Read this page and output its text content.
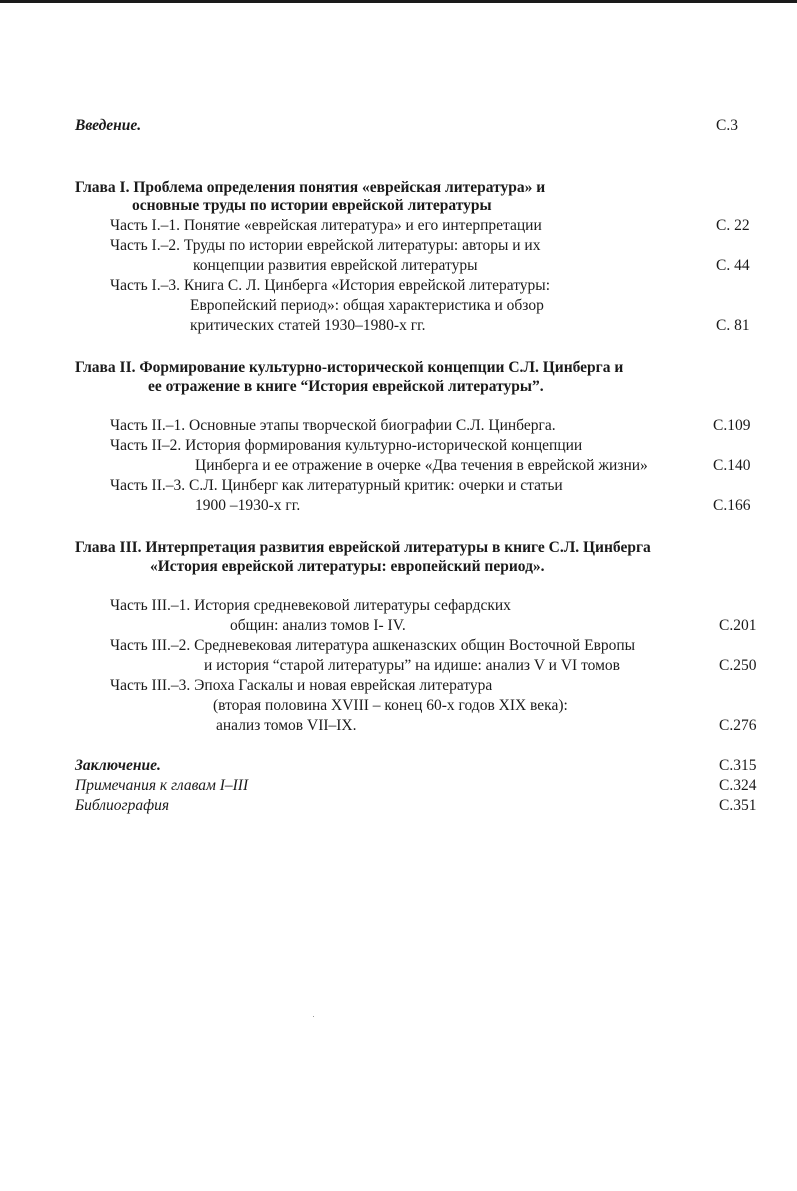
Введение.	С.3
Глава I. Проблема определения понятия «еврейская литература» и
основные труды по истории еврейской литературы
Часть I.–1. Понятие «еврейская литература» и его интерпретации	С. 22
Часть I.–2. Труды по истории еврейской литературы: авторы и их
концепции развития еврейской литературы	С. 44
Часть I.–3. Книга С. Л. Цинберга «История еврейской литературы:
Европейский период»: общая характеристика и обзор
критических статей 1930–1980-х гг.	С. 81
Глава II. Формирование культурно-исторической концепции С.Л. Цинберга и
ее отражение в книге “История еврейской литературы”.
Часть II.–1. Основные этапы творческой биографии С.Л. Цинберга.	С.109
Часть II–2. История формирования культурно-исторической концепции
Цинберга и ее отражение в очерке «Два течения в еврейской жизни»	С.140
Часть II.–3. С.Л. Цинберг как литературный критик: очерки и статьи
1900 –1930-х гг.	С.166
Глава III. Интерпретация развития еврейской литературы в книге С.Л. Цинберга
«История еврейской литературы: европейский период».
Часть III.–1. История средневековой литературы сефардских
общин: анализ томов I- IV.	С.201
Часть III.–2. Средневековая литература ашкеназских общин Восточной Европы
и история “старой литературы” на идише: анализ V и VI томов	С.250
Часть III.–3. Эпоха Гаскалы и новая еврейская литература
(вторая половина XVIII – конец 60-х годов XIX века):
анализ томов VII–IX.	С.276
Заключение.	С.315
Примечания к главам I–III	С.324
Библиография	С.351
